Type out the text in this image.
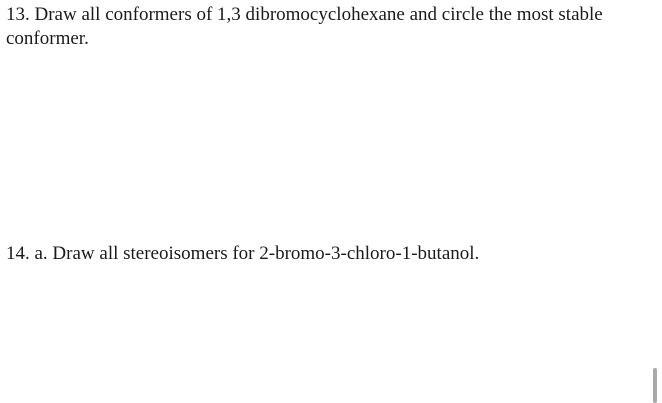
13. Draw all conformers of 1,3 dibromocyclohexane and circle the most stable conformer.

14. a. Draw all stereoisomers for 2-bromo-3-chloro-1-butanol.
